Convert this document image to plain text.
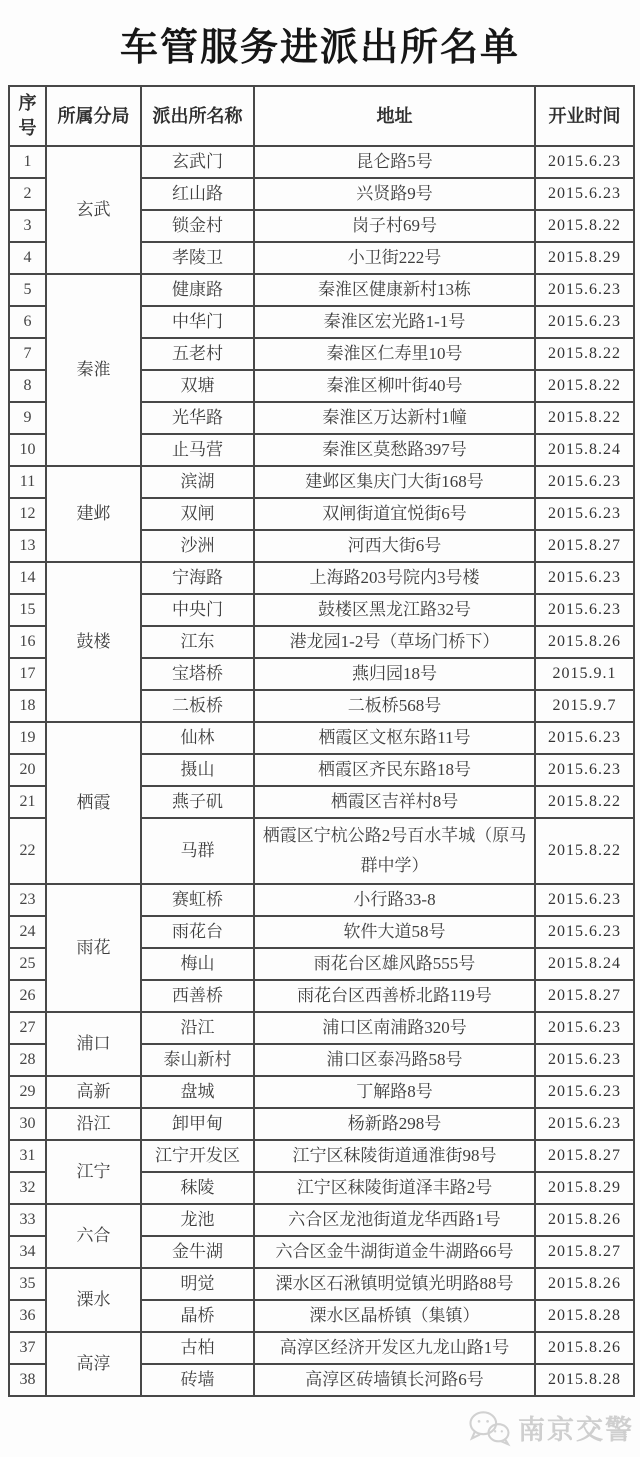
车管服务进派出所名单
序号	所属分局	派出所名称	地址	开业时间
1	玄武	玄武门	昆仑路5号	2015.6.23
2		红山路	兴贤路9号	2015.6.23
3		锁金村	岗子村69号	2015.8.22
4		孝陵卫	小卫街222号	2015.8.29
5	秦淮	健康路	秦淮区健康新村13栋	2015.6.23
6		中华门	秦淮区宏光路1-1号	2015.6.23
7		五老村	秦淮区仁寿里10号	2015.8.22
8		双塘	秦淮区柳叶街40号	2015.8.22
9		光华路	秦淮区万达新村1幢	2015.8.22
10		止马营	秦淮区莫愁路397号	2015.8.24
11	建邺	滨湖	建邺区集庆门大街168号	2015.6.23
12		双闸	双闸街道宜悦街6号	2015.6.23
13		沙洲	河西大街6号	2015.8.27
14	鼓楼	宁海路	上海路203号院内3号楼	2015.6.23
15		中央门	鼓楼区黑龙江路32号	2015.6.23
16		江东	港龙园1-2号（草场门桥下）	2015.8.26
17		宝塔桥	燕归园18号	2015.9.1
18		二板桥	二板桥568号	2015.9.7
19	栖霞	仙林	栖霞区文枢东路11号	2015.6.23
20		摄山	栖霞区齐民东路18号	2015.6.23
21		燕子矶	栖霞区吉祥村8号	2015.8.22
22		马群	栖霞区宁杭公路2号百水芊城（原马群中学）	2015.8.22
23	雨花	赛虹桥	小行路33-8	2015.6.23
24		雨花台	软件大道58号	2015.6.23
25		梅山	雨花台区雄风路555号	2015.8.24
26		西善桥	雨花台区西善桥北路119号	2015.8.27
27	浦口	沿江	浦口区南浦路320号	2015.6.23
28		泰山新村	浦口区泰冯路58号	2015.6.23
29	高新	盘城	丁解路8号	2015.6.23
30	沿江	卸甲甸	杨新路298号	2015.6.23
31	江宁	江宁开发区	江宁区秣陵街道通淮街98号	2015.8.27
32		秣陵	江宁区秣陵街道泽丰路2号	2015.8.29
33	六合	龙池	六合区龙池街道龙华西路1号	2015.8.26
34		金牛湖	六合区金牛湖街道金牛湖路66号	2015.8.27
35	溧水	明觉	溧水区石湫镇明觉镇光明路88号	2015.8.26
36		晶桥	溧水区晶桥镇（集镇）	2015.8.28
37	高淳	古柏	高淳区经济开发区九龙山路1号	2015.8.26
38		砖墙	高淳区砖墙镇长河路6号	2015.8.28
南京交警
